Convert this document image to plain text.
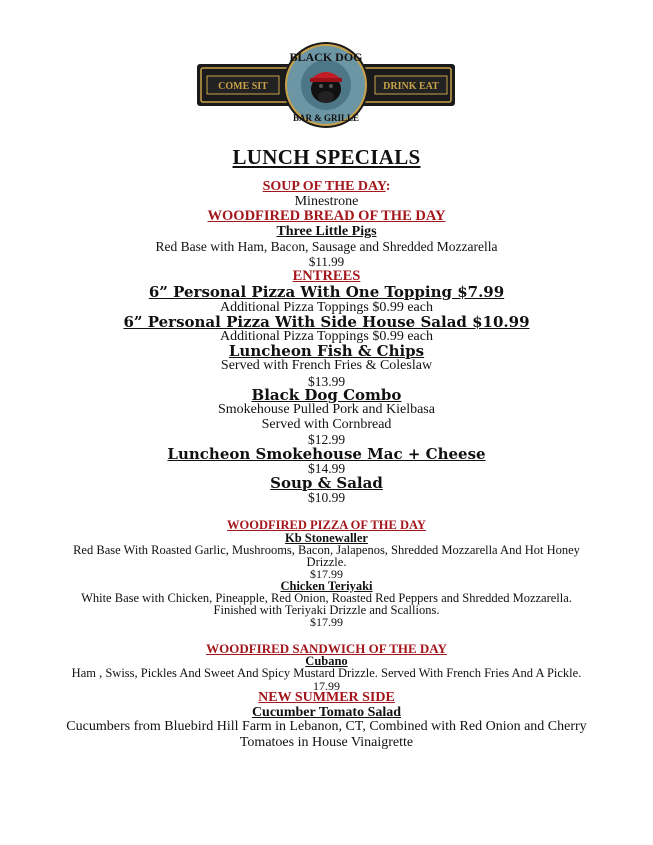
COME SIT	DRINK EAT
BLACK DOG
BAR & GRILLE
LUNCH SPECIALS
SOUP OF THE DAY:
Minestrone
WOODFIRED BREAD OF THE DAY
Three Little Pigs
Red Base with Ham, Bacon, Sausage and Shredded Mozzarella
$11.99
ENTREES
6” Personal Pizza With One Topping $7.99
Additional Pizza Toppings $0.99 each
6” Personal Pizza With Side House Salad $10.99
Additional Pizza Toppings $0.99 each
Luncheon Fish & Chips
Served with French Fries & Coleslaw
$13.99
Black Dog Combo
Smokehouse Pulled Pork and Kielbasa
Served with Cornbread
$12.99
Luncheon Smokehouse Mac + Cheese
$14.99
Soup & Salad
$10.99
WOODFIRED PIZZA OF THE DAY
Kb Stonewaller
Red Base With Roasted Garlic, Mushrooms, Bacon, Jalapenos, Shredded Mozzarella And Hot Honey
Drizzle.
$17.99
Chicken Teriyaki
White Base with Chicken, Pineapple, Red Onion, Roasted Red Peppers and Shredded Mozzarella.
Finished with Teriyaki Drizzle and Scallions.
$17.99
WOODFIRED SANDWICH OF THE DAY
Cubano
Ham , Swiss, Pickles And Sweet And Spicy Mustard Drizzle. Served With French Fries And A Pickle.
17.99
NEW SUMMER SIDE
Cucumber Tomato Salad
Cucumbers from Bluebird Hill Farm in Lebanon, CT, Combined with Red Onion and Cherry
Tomatoes in House Vinaigrette
